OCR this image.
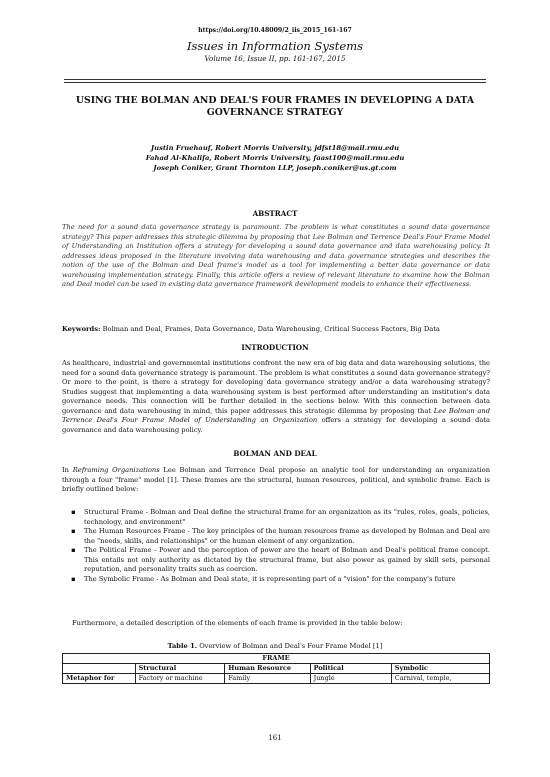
https://doi.org/10.48009/2_iis_2015_161-167
Issues in Information Systems
Volume 16, Issue II, pp. 161-167, 2015
USING THE BOLMAN AND DEAL'S FOUR FRAMES IN DEVELOPING A DATA GOVERNANCE STRATEGY
Justin Fruehauf, Robert Morris University, jdfst18@mail.rmu.edu
Fahad Al-Khalifa, Robert Morris University, faast100@mail.rmu.edu
Joseph Coniker, Grant Thornton LLP, joseph.coniker@us.gt.com
ABSTRACT
The need for a sound data governance strategy is paramount. The problem is what constitutes a sound data governance strategy? This paper addresses this strategic dilemma by proposing that Lee Bolman and Terrence Deal's Four Frame Model of Understanding an Institution offers a strategy for developing a sound data governance and data warehousing policy. It addresses ideas proposed in the literature involving data warehousing and data governance strategies and describes the notion of the use of the Bolman and Deal frame's model as a tool for implementing a better data governance or data warehousing implementation strategy. Finally, this article offers a review of relevant literature to examine how the Bolman and Deal model can be used in existing data governance framework development models to enhance their effectiveness.
Keywords: Bolman and Deal, Frames, Data Governance, Data Warehousing, Critical Success Factors, Big Data
INTRODUCTION
As healthcare, industrial and governmental institutions confront the new era of big data and data warehousing solutions, the need for a sound data governance strategy is paramount. The problem is what constitutes a sound data governance strategy? Or more to the point, is there a strategy for developing data governance strategy and/or a data warehousing strategy? Studies suggest that implementing a data warehousing system is best performed after understanding an institution's data governance needs. This connection will be further detailed in the sections below. With this connection between data governance and data warehousing in mind, this paper addresses this strategic dilemma by proposing that Lee Bolman and Terrence Deal's Four Frame Model of Understanding an Organization offers a strategy for developing a sound data governance and data warehousing policy.
BOLMAN AND DEAL
In Reframing Organizations Lee Bolman and Terrence Deal propose an analytic tool for understanding an organization through a four "frame" model [1]. These frames are the structural, human resources, political, and symbolic frame. Each is briefly outlined below:
▪ Structural Frame - Bolman and Deal define the structural frame for an organization as its "rules, roles, goals, policies, technology, and environment"
▪ The Human Resources Frame - The key principles of the human resources frame as developed by Bolman and Deal are the "needs, skills, and relationships" or the human element of any organization.
▪ The Political Frame - Power and the perception of power are the heart of Bolman and Deal's political frame concept. This entails not only authority as dictated by the structural frame, but also power as gained by skill sets, personal reputation, and personality traits such as coercion.
▪ The Symbolic Frame - As Bolman and Deal state, it is representing part of a "vision" for the company's future
Furthermore, a detailed description of the elements of each frame is provided in the table below:
Table 1. Overview of Bolman and Deal's Four Frame Model [1]
FRAME				
	Structural	Human Resource	Political	Symbolic
Metaphor for	Factory or machine	Family	Jungle	Carnival, temple,
161
